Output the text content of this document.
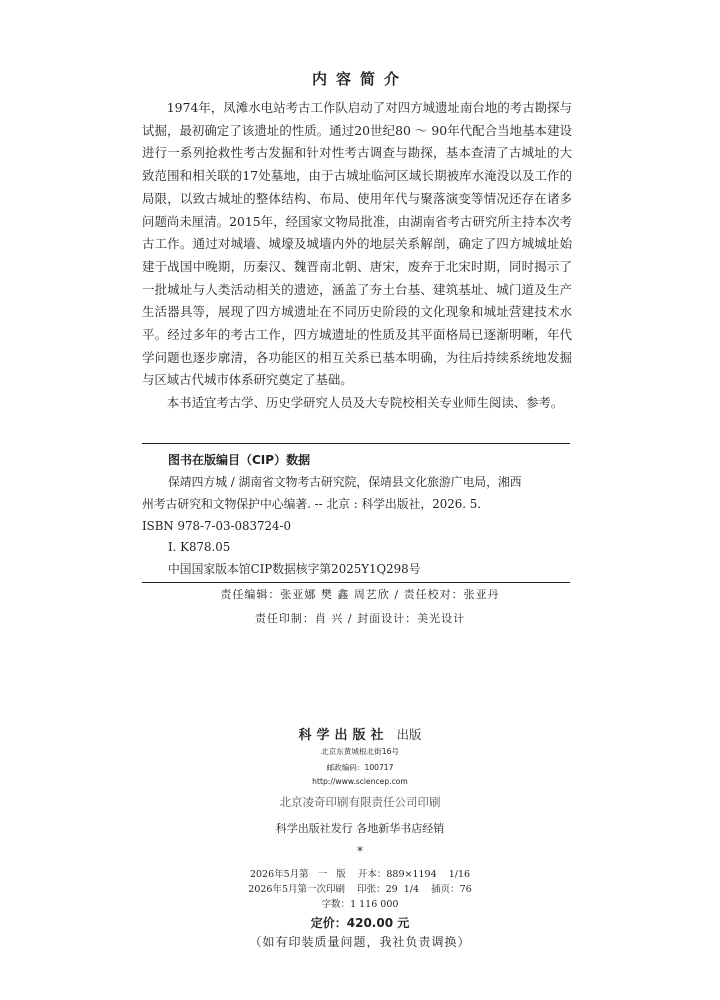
内容简介

1974年，凤滩水电站考古工作队启动了对四方城遗址南台地的考古勘探与试掘，最初确定了该遗址的性质。通过20世纪80 ～ 90年代配合当地基本建设进行一系列抢救性考古发掘和针对性考古调查与勘探，基本查清了古城址的大致范围和相关联的17处墓地，由于古城址临河区域长期被库水淹没以及工作的局限，以致古城址的整体结构、布局、使用年代与聚落演变等情况还存在诸多问题尚未厘清。2015年，经国家文物局批准，由湖南省考古研究所主持本次考古工作。通过对城墙、城壕及城墙内外的地层关系解剖，确定了四方城城址始建于战国中晚期，历秦汉、魏晋南北朝、唐宋，废弃于北宋时期，同时揭示了一批城址与人类活动相关的遗迹，涵盖了夯土台基、建筑基址、城门道及生产生活器具等，展现了四方城遗址在不同历史阶段的文化现象和城址营建技术水平。经过多年的考古工作，四方城遗址的性质及其平面格局已逐渐明晰，年代学问题也逐步廓清，各功能区的相互关系已基本明确，为往后持续系统地发掘与区域古代城市体系研究奠定了基础。

本书适宜考古学、历史学研究人员及大专院校相关专业师生阅读、参考。

图书在版编目（CIP）数据
保靖四方城 / 湖南省文物考古研究院，保靖县文化旅游广电局，湘西
州考古研究和文物保护中心编著. -- 北京 : 科学出版社，2026. 5.
ISBN 978-7-03-083724-0
Ⅰ. K878.05
中国国家版本馆CIP数据核字第2025Y1Q298号
责任编辑：张亚娜 樊 鑫 周艺欣 / 责任校对：张亚丹
责任印制：肖 兴 / 封面设计：美光设计
科学出版社 出版
北京东黄城根北街16号
邮政编码：100717
http://www.sciencep.com
北京凌奇印刷有限责任公司印刷
科学出版社发行 各地新华书店经销
*
2026年5月第   一   版    开本：889×1194    1/16
2026年5月第一次印刷    印张：29  1/4    插页：76
字数：1 116 000
定价：420.00 元
（如有印装质量问题，我社负责调换）
